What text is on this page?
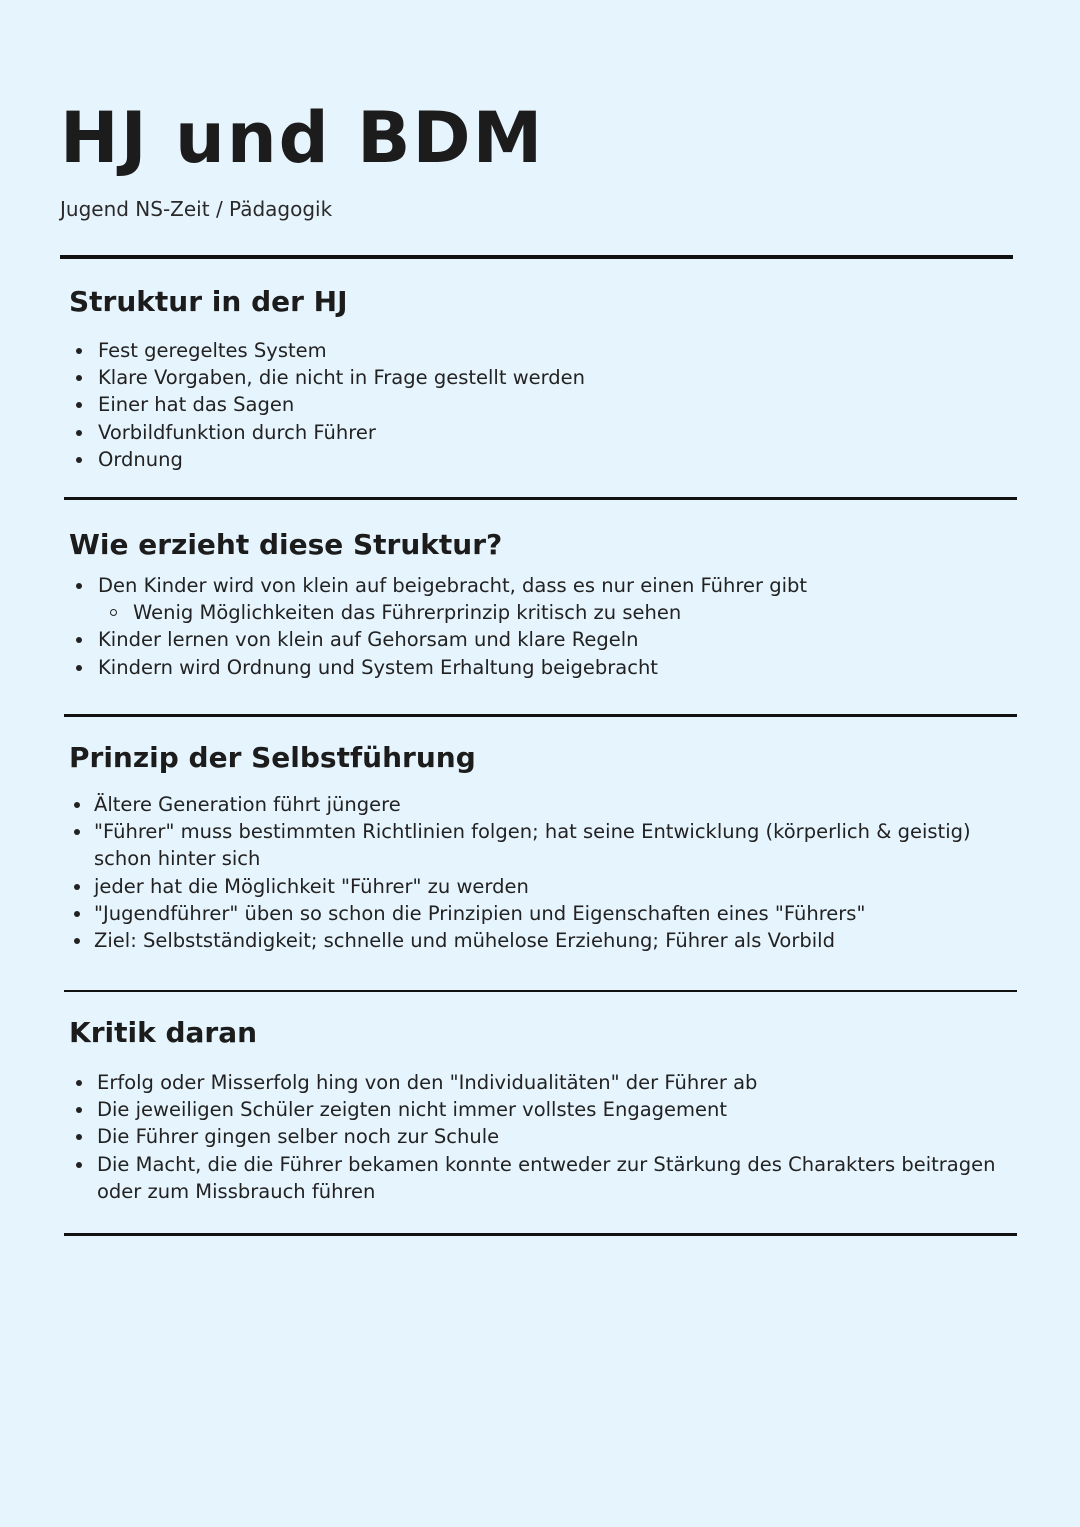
HJ und BDM
Jugend NS-Zeit / Pädagogik
Struktur in der HJ
Fest geregeltes System
Klare Vorgaben, die nicht in Frage gestellt werden
Einer hat das Sagen
Vorbildfunktion durch Führer
Ordnung
Wie erzieht diese Struktur?
Den Kinder wird von klein auf beigebracht, dass es nur einen Führer gibt
Wenig Möglichkeiten das Führerprinzip kritisch zu sehen
Kinder lernen von klein auf Gehorsam und klare Regeln
Kindern wird Ordnung und System Erhaltung beigebracht
Prinzip der Selbstführung
Ältere Generation führt jüngere
"Führer" muss bestimmten Richtlinien folgen; hat seine Entwicklung (körperlich & geistig) schon hinter sich
jeder hat die Möglichkeit "Führer" zu werden
"Jugendführer" üben so schon die Prinzipien und Eigenschaften eines "Führers"
Ziel: Selbstständigkeit; schnelle und mühelose Erziehung; Führer als Vorbild
Kritik daran
Erfolg oder Misserfolg hing von den "Individualitäten" der Führer ab
Die jeweiligen Schüler zeigten nicht immer vollstes Engagement
Die Führer gingen selber noch zur Schule
Die Macht, die die Führer bekamen konnte entweder zur Stärkung des Charakters beitragen oder zum Missbrauch führen
